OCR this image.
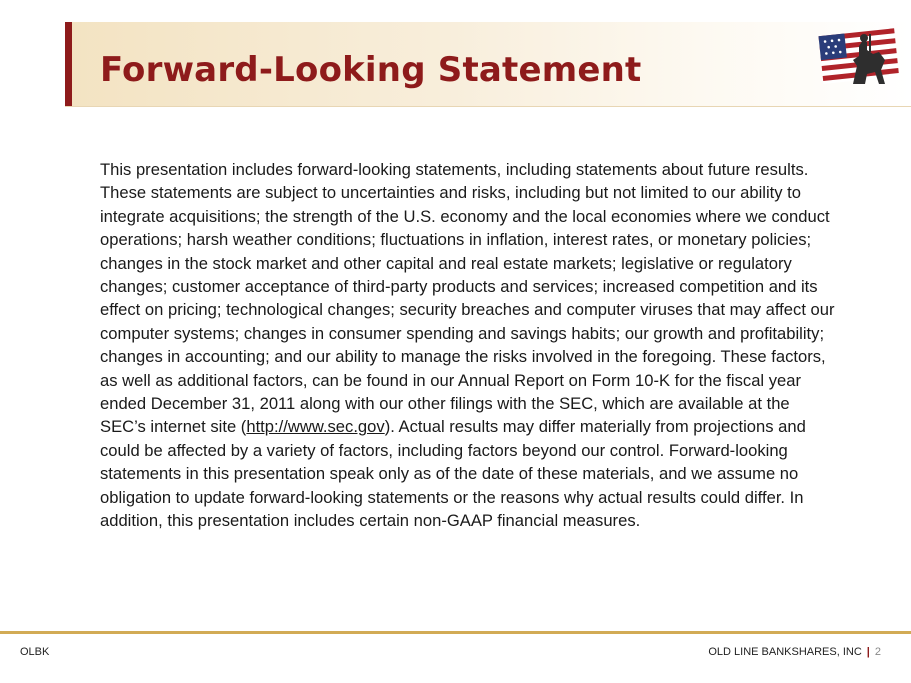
Forward-Looking Statement

This presentation includes forward-looking statements, including statements about future results. These statements are subject to uncertainties and risks, including but not limited to our ability to integrate acquisitions; the strength of the U.S. economy and the local economies where we conduct operations; harsh weather conditions; fluctuations in inflation, interest rates, or monetary policies; changes in the stock market and other capital and real estate markets; legislative or regulatory changes; customer acceptance of third-party products and services; increased competition and its effect on pricing; technological changes; security breaches and computer viruses that may affect our computer systems; changes in consumer spending and savings habits; our growth and profitability; changes in accounting; and our ability to manage the risks involved in the foregoing. These factors, as well as additional factors, can be found in our Annual Report on Form 10-K for the fiscal year ended December 31, 2011 along with our other filings with the SEC, which are available at the SEC’s internet site (http://www.sec.gov). Actual results may differ materially from projections and could be affected by a variety of factors, including factors beyond our control. Forward-looking statements in this presentation speak only as of the date of these materials, and we assume no obligation to update forward-looking statements or the reasons why actual results could differ. In addition, this presentation includes certain non-GAAP financial measures.

OLBK	OLD LINE BANKSHARES, INC | 2
